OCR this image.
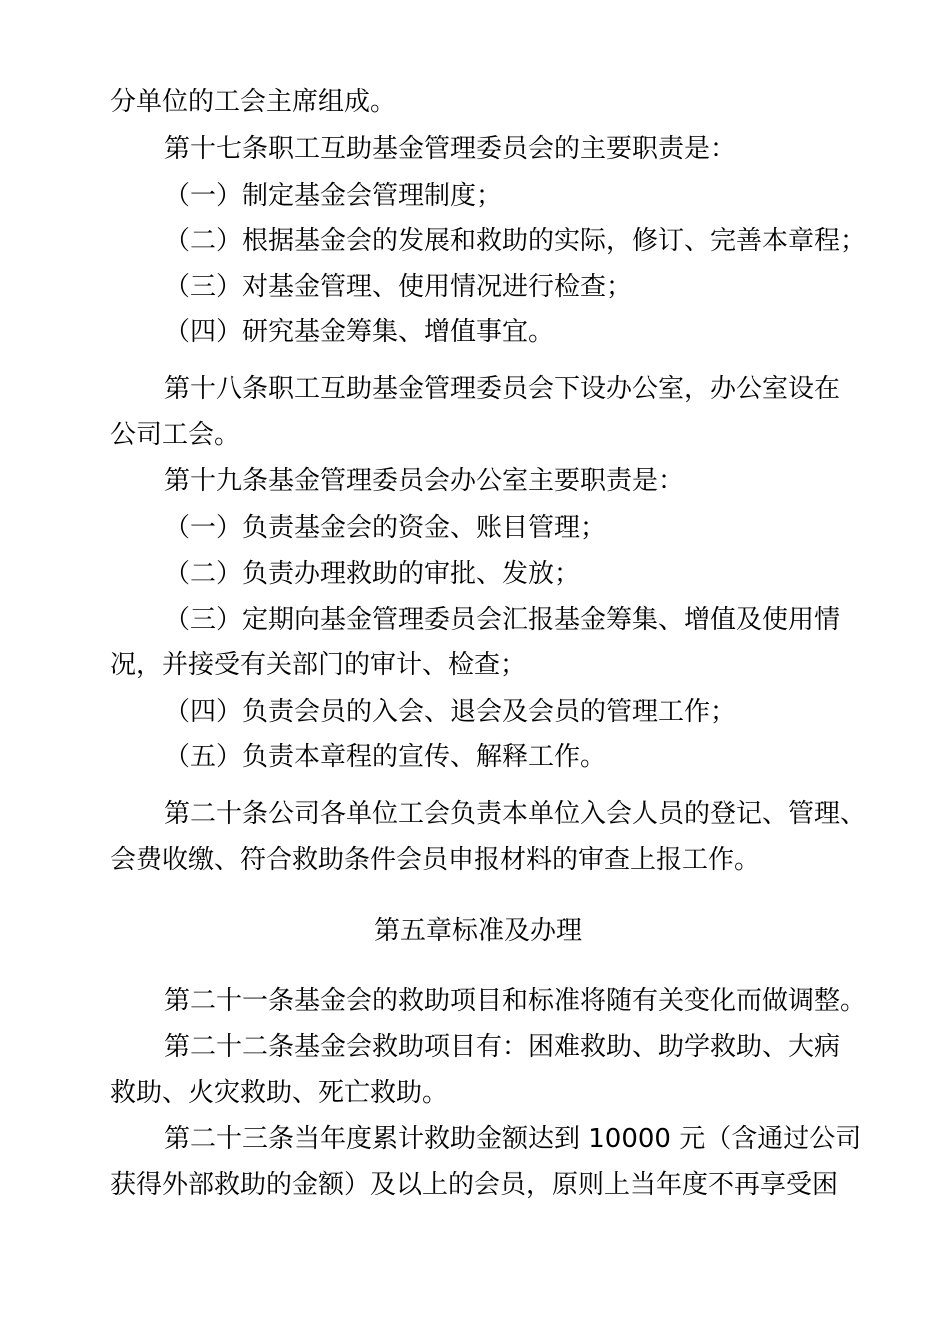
分单位的工会主席组成。
第十七条职工互助基金管理委员会的主要职责是：
（一）制定基金会管理制度；
（二）根据基金会的发展和救助的实际，修订、完善本章程；
（三）对基金管理、使用情况进行检查；
（四）研究基金筹集、增值事宜。
第十八条职工互助基金管理委员会下设办公室，办公室设在
公司工会。
第十九条基金管理委员会办公室主要职责是：
（一）负责基金会的资金、账目管理；
（二）负责办理救助的审批、发放；
（三）定期向基金管理委员会汇报基金筹集、增值及使用情
况，并接受有关部门的审计、检查；
（四）负责会员的入会、退会及会员的管理工作；
（五）负责本章程的宣传、解释工作。
第二十条公司各单位工会负责本单位入会人员的登记、管理、
会费收缴、符合救助条件会员申报材料的审查上报工作。
第五章标准及办理
第二十一条基金会的救助项目和标准将随有关变化而做调整。
第二十二条基金会救助项目有：困难救助、助学救助、大病
救助、火灾救助、死亡救助。
第二十三条当年度累计救助金额达到 10000 元（含通过公司
获得外部救助的金额）及以上的会员，原则上当年度不再享受困
